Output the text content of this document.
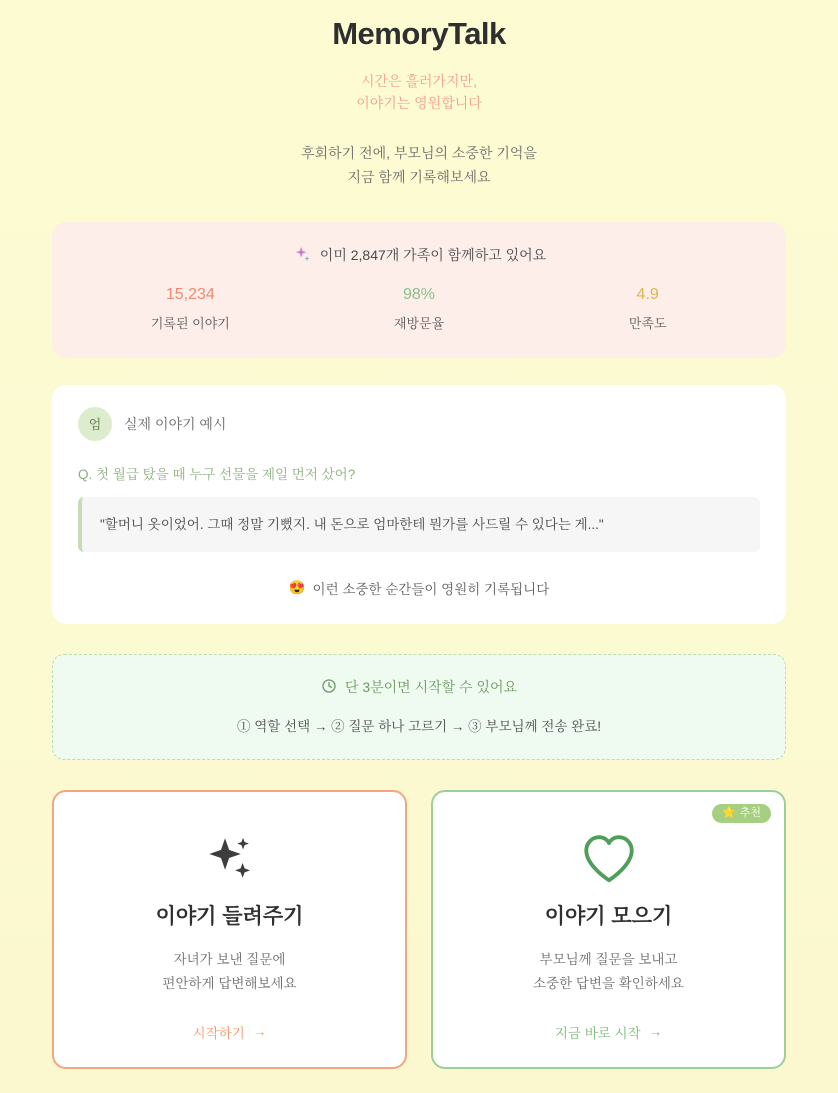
MemoryTalk

시간은 흘러가지만,
이야기는 영원합니다

후회하기 전에, 부모님의 소중한 기억을
지금 함께 기록해보세요

이미 2,847개 가족이 함께하고 있어요
15,234
기록된 이야기
98%
재방문율
4.9
만족도
엄	실제 이야기 예시
Q. 첫 월급 탔을 때 누구 선물을 제일 먼저 샀어?
"할머니 옷이었어. 그때 정말 기뻤지. 내 돈으로 엄마한테 뭔가를 사드릴 수 있다는 게..."
😍 이런 소중한 순간들이 영원히 기록됩니다
단 3분이면 시작할 수 있어요
① 역할 선택 → ② 질문 하나 고르기 → ③ 부모님께 전송 완료!
이야기 들려주기
자녀가 보낸 질문에
편안하게 답변해보세요
시작하기 →
⭐ 추천
이야기 모으기
부모님께 질문을 보내고
소중한 답변을 확인하세요
지금 바로 시작 →
